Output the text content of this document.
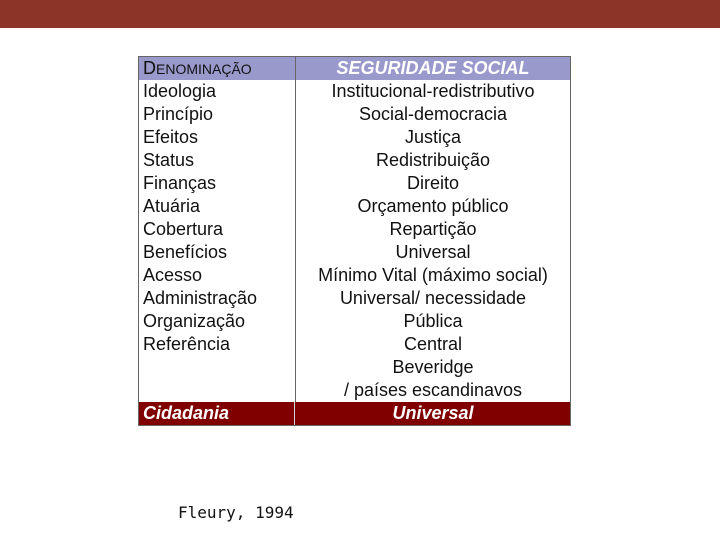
DENOMINAÇÃO
Ideologia
Princípio
Efeitos
Status
Finanças
Atuária
Cobertura
Benefícios
Acesso
Administração
Organização
Referência
SEGURIDADE SOCIAL
Institucional-redistributivo
Social-democracia
Justiça
Redistribuição
Direito
Orçamento público
Repartição
Universal
Mínimo Vital (máximo social)
Universal/ necessidade
Pública
Central
Beveridge
/ países escandinavos
Cidadania	Universal
Fleury, 1994
